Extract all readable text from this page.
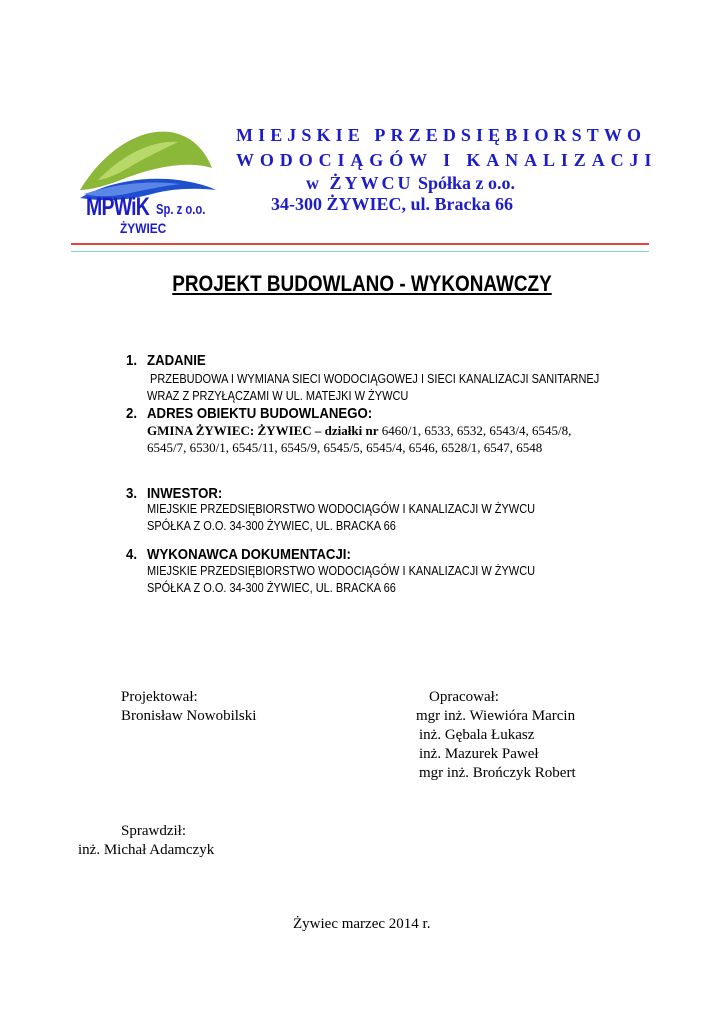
MPWiK Sp. z o.o.
ŻYWIEC
MIEJSKIE PRZEDSIĘBIORSTWO
WODOCIĄGÓW I KANALIZACJI
w ŻYWCU Spółka z o.o.
34-300 ŻYWIEC, ul. Bracka 66
PROJEKT BUDOWLANO - WYKONAWCZY
1. ZADANIE
PRZEBUDOWA I WYMIANA SIECI WODOCIĄGOWEJ I SIECI KANALIZACJI SANITARNEJ
WRAZ Z PRZYŁĄCZAMI W UL. MATEJKI W ŻYWCU
2. ADRES OBIEKTU BUDOWLANEGO:
GMINA ŻYWIEC: ŻYWIEC – działki nr 6460/1, 6533, 6532, 6543/4, 6545/8,
6545/7, 6530/1, 6545/11, 6545/9, 6545/5, 6545/4, 6546, 6528/1, 6547, 6548
3. INWESTOR:
MIEJSKIE PRZEDSIĘBIORSTWO WODOCIĄGÓW I KANALIZACJI W ŻYWCU
SPÓŁKA Z O.O. 34-300 ŻYWIEC, UL. BRACKA 66
4. WYKONAWCA DOKUMENTACJI:
MIEJSKIE PRZEDSIĘBIORSTWO WODOCIĄGÓW I KANALIZACJI W ŻYWCU
SPÓŁKA Z O.O. 34-300 ŻYWIEC, UL. BRACKA 66
Projektował:
Bronisław Nowobilski
Opracował:
mgr inż. Wiewióra Marcin
inż. Gębala Łukasz
inż. Mazurek Paweł
mgr inż. Brończyk Robert
Sprawdził:
inż. Michał Adamczyk
Żywiec marzec 2014 r.
